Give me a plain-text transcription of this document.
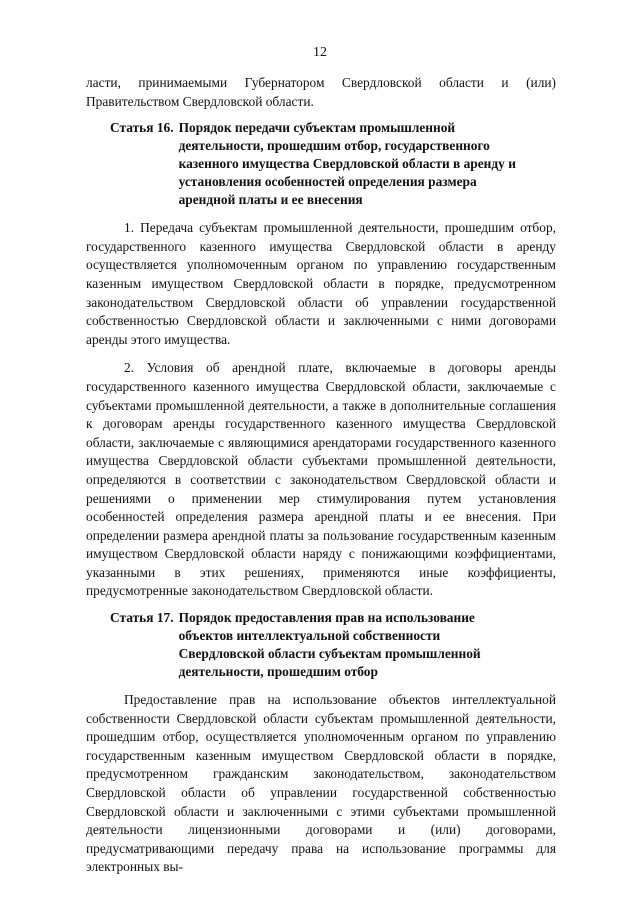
12

ласти, принимаемыми Губернатором Свердловской области и (или) Правительством Свердловской области.

Статья 16. Порядок передачи субъектам промышленной деятельности, прошедшим отбор, государственного казенного имущества Свердловской области в аренду и установления особенностей определения размера арендной платы и ее внесения

1. Передача субъектам промышленной деятельности, прошедшим отбор, государственного казенного имущества Свердловской области в аренду осуществляется уполномоченным органом по управлению государственным казенным имуществом Свердловской области в порядке, предусмотренном законодательством Свердловской области об управлении государственной собственностью Свердловской области и заключенными с ними договорами аренды этого имущества.

2. Условия об арендной плате, включаемые в договоры аренды государственного казенного имущества Свердловской области, заключаемые с субъектами промышленной деятельности, а также в дополнительные соглашения к договорам аренды государственного казенного имущества Свердловской области, заключаемые с являющимися арендаторами государственного казенного имущества Свердловской области субъектами промышленной деятельности, определяются в соответствии с законодательством Свердловской области и решениями о применении мер стимулирования путем установления особенностей определения размера арендной платы и ее внесения. При определении размера арендной платы за пользование государственным казенным имуществом Свердловской области наряду с понижающими коэффициентами, указанными в этих решениях, применяются иные коэффициенты, предусмотренные законодательством Свердловской области.

Статья 17. Порядок предоставления прав на использование объектов интеллектуальной собственности Свердловской области субъектам промышленной деятельности, прошедшим отбор

Предоставление прав на использование объектов интеллектуальной собственности Свердловской области субъектам промышленной деятельности, прошедшим отбор, осуществляется уполномоченным органом по управлению государственным казенным имуществом Свердловской области в порядке, предусмотренном гражданским законодательством, законодательством Свердловской области об управлении государственной собственностью Свердловской области и заключенными с этими субъектами промышленной деятельности лицензионными договорами и (или) договорами, предусматривающими передачу права на использование программы для электронных вы-
